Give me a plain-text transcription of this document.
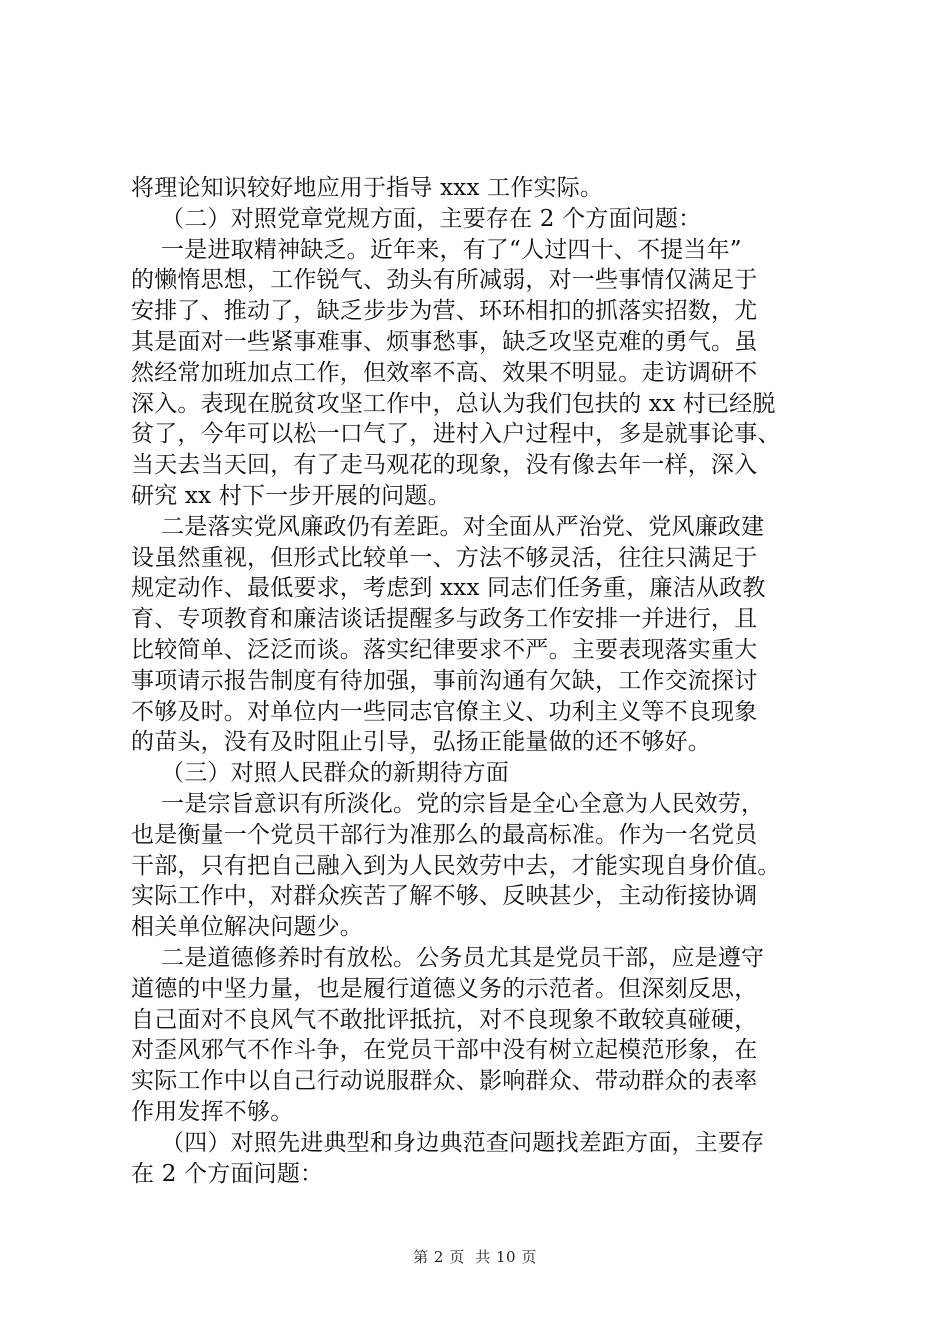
将理论知识较好地应用于指导 xxx 工作实际。
（二）对照党章党规方面，主要存在 2 个方面问题：
一是进取精神缺乏。近年来，有了“人过四十、不提当年”
的懒惰思想，工作锐气、劲头有所减弱，对一些事情仅满足于
安排了、推动了，缺乏步步为营、环环相扣的抓落实招数，尤
其是面对一些紧事难事、烦事愁事，缺乏攻坚克难的勇气。虽
然经常加班加点工作，但效率不高、效果不明显。走访调研不
深入。表现在脱贫攻坚工作中，总认为我们包扶的 xx 村已经脱
贫了，今年可以松一口气了，进村入户过程中，多是就事论事、
当天去当天回，有了走马观花的现象，没有像去年一样，深入
研究 xx 村下一步开展的问题。
二是落实党风廉政仍有差距。对全面从严治党、党风廉政建
设虽然重视，但形式比较单一、方法不够灵活，往往只满足于
规定动作、最低要求，考虑到 xxx 同志们任务重，廉洁从政教
育、专项教育和廉洁谈话提醒多与政务工作安排一并进行，且
比较简单、泛泛而谈。落实纪律要求不严。主要表现落实重大
事项请示报告制度有待加强，事前沟通有欠缺，工作交流探讨
不够及时。对单位内一些同志官僚主义、功利主义等不良现象
的苗头，没有及时阻止引导，弘扬正能量做的还不够好。
（三）对照人民群众的新期待方面
一是宗旨意识有所淡化。党的宗旨是全心全意为人民效劳，
也是衡量一个党员干部行为准那么的最高标准。作为一名党员
干部，只有把自己融入到为人民效劳中去，才能实现自身价值。
实际工作中，对群众疾苦了解不够、反映甚少，主动衔接协调
相关单位解决问题少。
二是道德修养时有放松。公务员尤其是党员干部，应是遵守
道德的中坚力量，也是履行道德义务的示范者。但深刻反思，
自己面对不良风气不敢批评抵抗，对不良现象不敢较真碰硬，
对歪风邪气不作斗争，在党员干部中没有树立起模范形象，在
实际工作中以自己行动说服群众、影响群众、带动群众的表率
作用发挥不够。
（四）对照先进典型和身边典范查问题找差距方面，主要存
在 2 个方面问题：
第 2 页  共 10 页
